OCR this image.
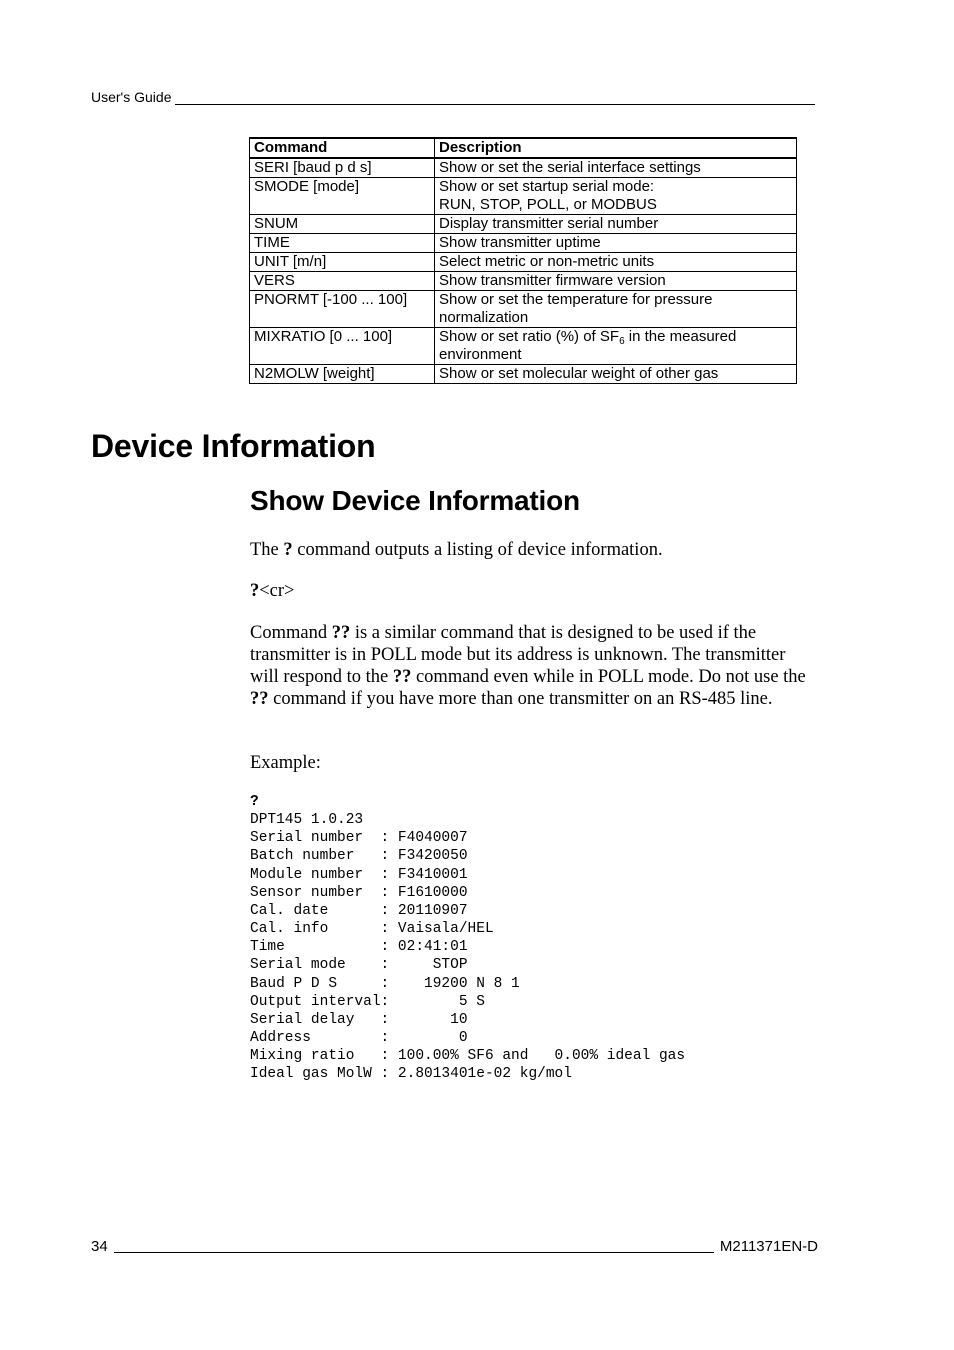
User's Guide
Command	Description
SERI [baud p d s]	Show or set the serial interface settings
SMODE [mode]	Show or set startup serial mode:
RUN, STOP, POLL, or MODBUS
SNUM	Display transmitter serial number
TIME	Show transmitter uptime
UNIT [m/n]	Select metric or non-metric units
VERS	Show transmitter firmware version
PNORMT [-100 ... 100]	Show or set the temperature for pressure normalization
MIXRATIO [0 ... 100]	Show or set ratio (%) of $SF_6$ in the measured environment
N2MOLW [weight]	Show or set molecular weight of other gas
Device Information
Show Device Information
The ? command outputs a listing of device information.
?<cr>
Command ?? is a similar command that is designed to be used if the transmitter is in POLL mode but its address is unknown. The transmitter will respond to the ?? command even while in POLL mode. Do not use the ?? command if you have more than one transmitter on an RS-485 line.
Example:
?
DPT145 1.0.23
Serial number  : F4040007
Batch number   : F3420050
Module number  : F3410001
Sensor number  : F1610000
Cal. date      : 20110907
Cal. info      : Vaisala/HEL
Time           : 02:41:01
Serial mode    :     STOP
Baud P D S     :    19200 N 8 1
Output interval:        5 S
Serial delay   :       10
Address        :        0
Mixing ratio   : 100.00% SF6 and   0.00% ideal gas
Ideal gas MolW : 2.8013401e-02 kg/mol
34	M211371EN-D
